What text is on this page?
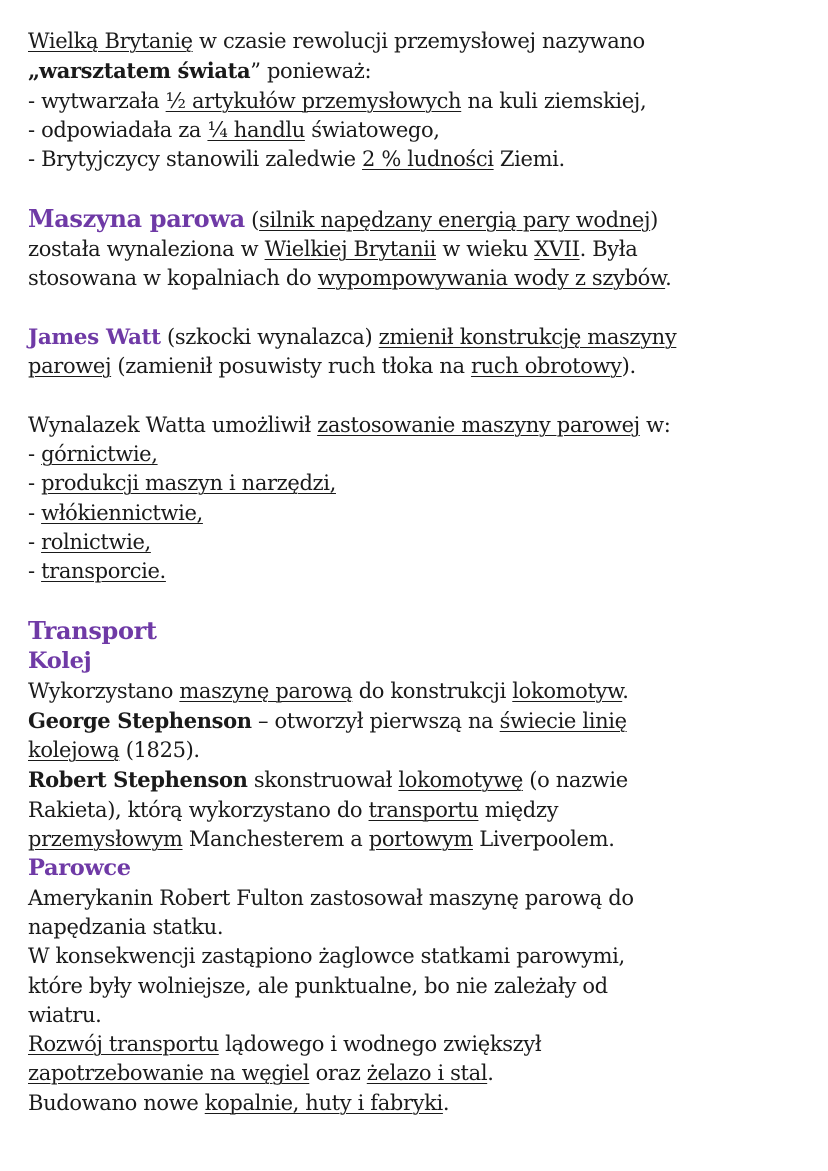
Wielką Brytanię w czasie rewolucji przemysłowej nazywano

„warsztatem świata” ponieważ:

- wytwarzała ½ artykułów przemysłowych na kuli ziemskiej,

- odpowiadała za ¼ handlu światowego,

- Brytyjczycy stanowili zaledwie 2 % ludności Ziemi.

Maszyna parowa (silnik napędzany energią pary wodnej)

została wynaleziona w Wielkiej Brytanii w wieku XVII. Była

stosowana w kopalniach do wypompowywania wody z szybów.

James Watt (szkocki wynalazca) zmienił konstrukcję maszyny

parowej (zamienił posuwisty ruch tłoka na ruch obrotowy).

Wynalazek Watta umożliwił zastosowanie maszyny parowej w:

- górnictwie,

- produkcji maszyn i narzędzi,

- włókiennictwie,

- rolnictwie,

- transporcie.

Transport

Kolej

Wykorzystano maszynę parową do konstrukcji lokomotyw.

George Stephenson – otworzył pierwszą na świecie linię

kolejową (1825).

Robert Stephenson skonstruował lokomotywę (o nazwie

Rakieta), którą wykorzystano do transportu między

przemysłowym Manchesterem a portowym Liverpoolem.

Parowce

Amerykanin Robert Fulton zastosował maszynę parową do

napędzania statku.

W konsekwencji zastąpiono żaglowce statkami parowymi,

które były wolniejsze, ale punktualne, bo nie zależały od

wiatru.

Rozwój transportu lądowego i wodnego zwiększył

zapotrzebowanie na węgiel oraz żelazo i stal.

Budowano nowe kopalnie, huty i fabryki.
